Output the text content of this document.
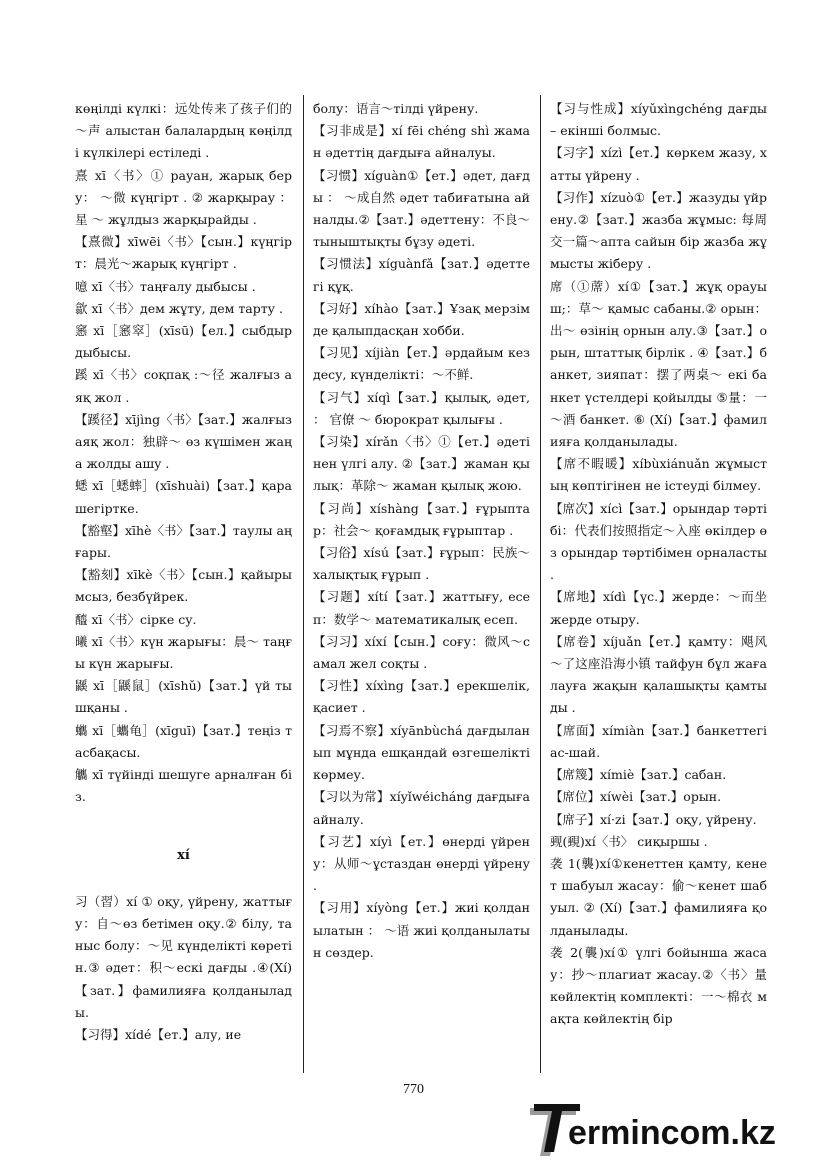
көңілді күлкі：远处传来了孩子们的～声 алыстан балалардың көңілді күлкілері естіледі .

熹 xī〈书〉① рауан, жарық беру： ～微 күңгірт . ② жарқырау ： 星 ～ жұлдыз жарқырайды .

【熹微】xīwēi〈书〉【сын.】күңгірт：晨光～жарық күңгірт .

噫 xī〈书〉таңғалу дыбысы .

歙 xī〈书〉дем жұту, дем тарту .

窸 xī［窸窣］(xīsū)【ел.】сыбдыр дыбысы.

蹊 xī〈书〉соқпақ :～径 жалғыз аяқ жол .

【蹊径】xījìng〈书〉【зат.】жалғыз аяқ жол：独辟～ өз күшімен жаңа жолды ашу .

蟋 xī［蟋蟀］(xīshuài)【зат.】қара шегіртке.

【豁壑】xīhè〈书〉【зат.】таулы аңғары.

【豁刻】xīkè〈书〉【сын.】қайырымсыз, безбүйрек.

醯 xī〈书〉сірке су.

曦 xī〈书〉күн жарығы：晨～ таңғы күн жарығы.

鼷 xī［鼷鼠］(xīshǔ)【зат.】үй тышқаны .

蠵 xī［蠵龟］(xīguī)【зат.】теңіз тасбақасы.

觿 xī түйінді шешуге арналған біз.

xí

习（習）xí ① оқу, үйрену, жаттығу：自～өз бетімен оқу.② білу, таныс болу：～见 күнделікті көретін.③ әдет：积～ескі дағды .④(Xí)【зат.】фамилияға қолданылады.

【习得】xídé【ет.】алу, ие

болу：语言～тілді үйрену.

【习非成是】xí fēi chéng shì жаман әдеттің дағдыға айналуы.

【习惯】xíguàn①【ет.】әдет, дағды ： ～成自然 әдет табиғатына айналды.②【зат.】әдеттену：不良～тыныштықты бұзу әдеті.

【习惯法】xíguànfǎ【зат.】әдеттегі құқ.

【习好】xíhào【зат.】Ұзақ мерзімде қалыпдасқан хобби.

【习见】xíjiàn【ет.】әрдайым кездесу, күнделікті：～不鲜.

【习气】xíqì【зат.】қылық, әдет, ： 官僚 ～ бюрократ қылығы .

【习染】xírǎn〈书〉①【ет.】әдетінен үлгі алу. ②【зат.】жаман қылық：革除～ жаман қылық жою.

【习尚】xíshàng【зат.】ғұрыптар：社会～ қоғамдық ғұрыптар .

【习俗】xísú【зат.】ғұрып：民族～халықтық ғұрып .

【习题】xítí【зат.】жаттығу, есеп：数学～ математикалық есеп.

【习习】xíxí【сын.】соғу：微风～самал жел соқты .

【习性】xíxìng【зат.】ерекшелік, қасиет .

【习焉不察】xíyānbùchá дағдыланып мұнда ешқандай өзгешелікті көрмеу.

【习以为常】xíyǐwéicháng дағдыға айналу.

【习艺】xíyì【ет.】өнерді үйрену：从师～ұстаздан өнерді үйрену .

【习用】xíyòng【ет.】жиі қолданылатын ： ～语 жиі қолданылатын сөздер.

【习与性成】xíyǔxìngchéng дағды – екінші болмыс.

【习字】xízì【ет.】көркем жазу, хатты үйрену .

【习作】xízuò①【ет.】жазуды үйрену.②【зат.】жазба жұмыс: 每周交一篇～апта сайын бір жазба жұмысты жіберу .

席（①蓆）xí①【зат.】жұқ орауыш;：草～ қамыс сабаны.② орын：出～ өзінің орнын алу.③【зат.】орын, штаттық бірлік . ④【зат.】банкет, зияпат：摆了两桌～ екі банкет үстелдері қойылды ⑤量：一～酒 банкет. ⑥ (Xí)【зат.】фамилияға қолданылады.

【席不暇暖】xíbùxiánuǎn жұмыстың көптігінен не істеуді білмеу.

【席次】xícì【зат.】орындар тәртібі：代表们按照指定～入座 өкілдер өз орындар тәртібімен орналасты .

【席地】xídì【үс.】жерде：～而坐 жерде отыру.

【席卷】xíjuǎn【ет.】қамту：飓风～了这座沿海小镇 тайфун бұл жағалауға жақын қалашықты қамтыды .

【席面】xímiàn【зат.】банкеттегі ас-шай.

【席篾】xímiè【зат.】сабан.

【席位】xíwèi【зат.】орын.

【席子】xí·zi【зат.】оқу, үйрену.

觋(覡)xí〈书〉 сиқыршы .

袭 1(襲)xí①кенеттен қамту, кенет шабуыл жасау：偷～кенет шабуыл. ② (Xí)【зат.】фамилияға қолданылады.

袭 2(襲)xí① үлгі бойынша жасау：抄～плагиат жасау.②〈书〉量 көйлектің комплекті：一～棉衣 мақта көйлектің бір

770
ermincom.kz
